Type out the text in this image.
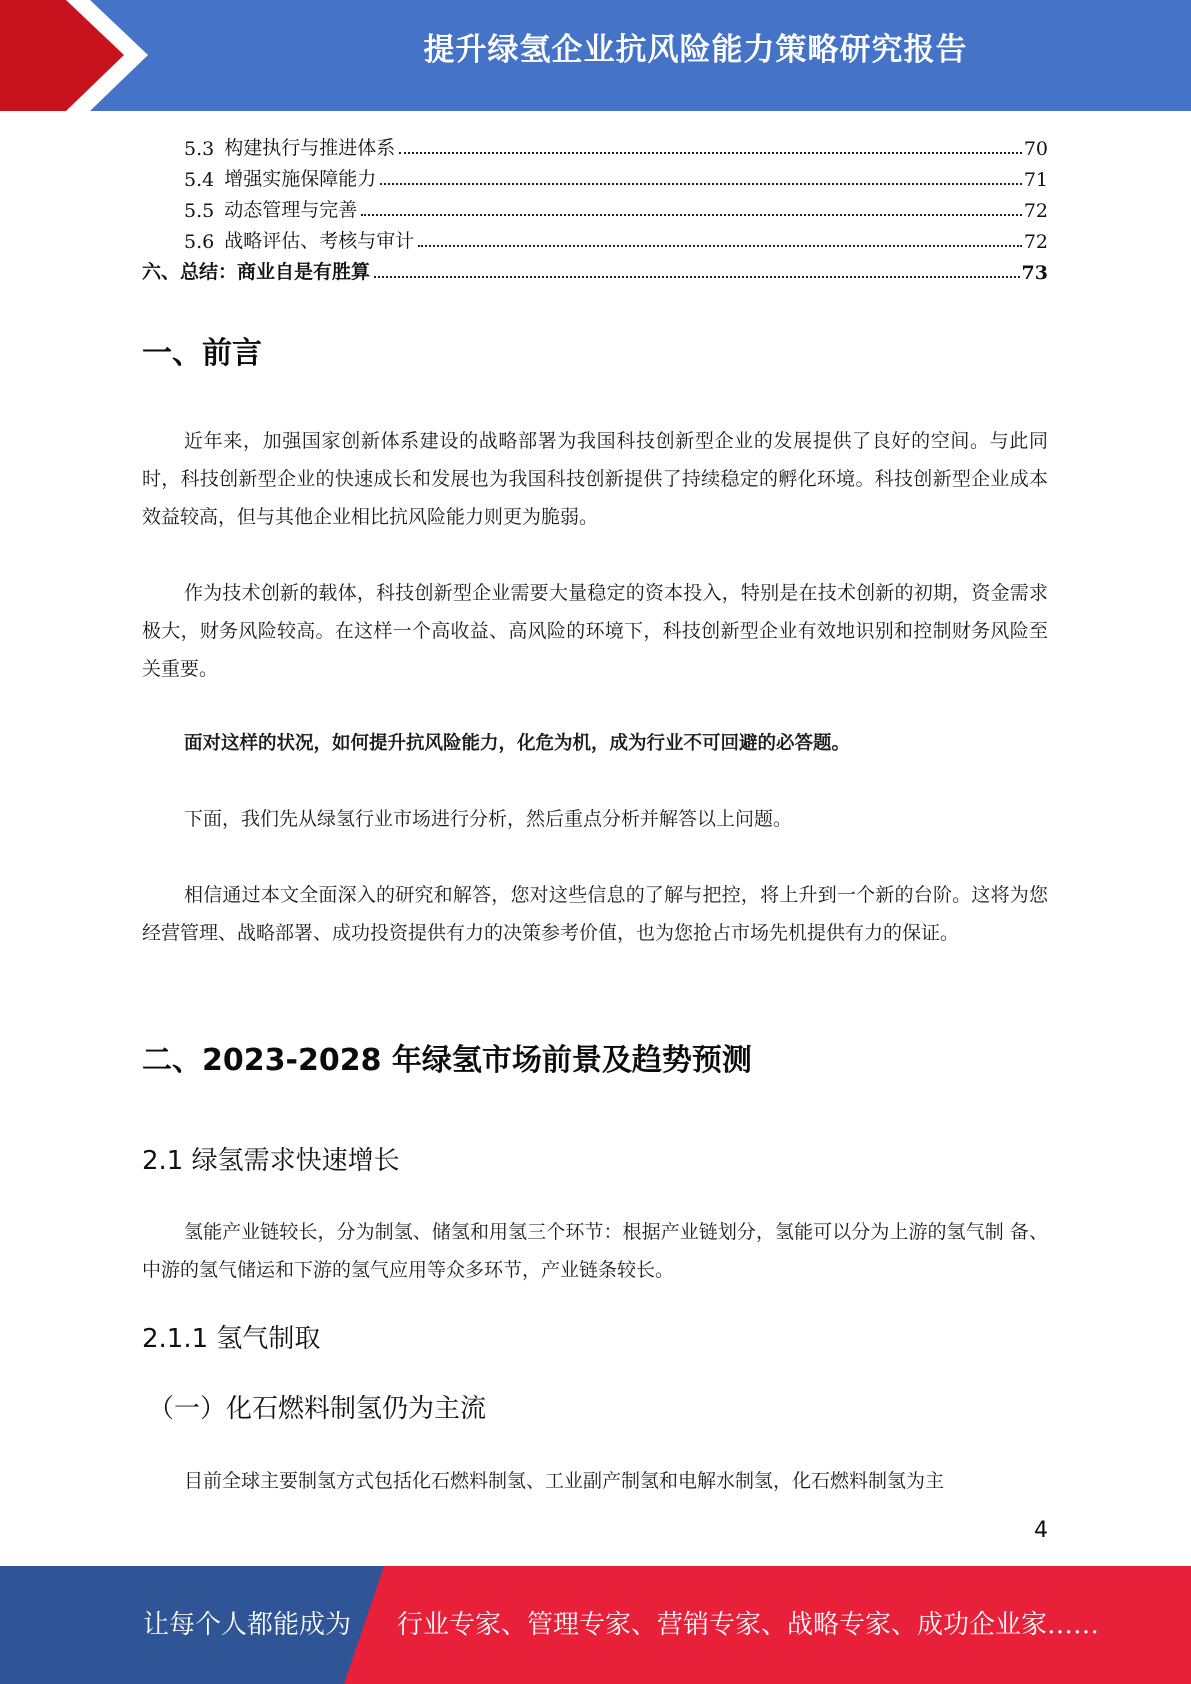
提升绿氢企业抗风险能力策略研究报告
5.3 构建执行与推进体系	70
5.4 增强实施保障能力	71
5.5 动态管理与完善	72
5.6 战略评估、考核与审计	72
六、总结：商业自是有胜算	73
一、前言
近年来，加强国家创新体系建设的战略部署为我国科技创新型企业的发展提供了良好的空间。与此同时，科技创新型企业的快速成长和发展也为我国科技创新提供了持续稳定的孵化环境。科技创新型企业成本效益较高，但与其他企业相比抗风险能力则更为脆弱。
作为技术创新的载体，科技创新型企业需要大量稳定的资本投入，特别是在技术创新的初期，资金需求极大，财务风险较高。在这样一个高收益、高风险的环境下，科技创新型企业有效地识别和控制财务风险至关重要。
面对这样的状况，如何提升抗风险能力，化危为机，成为行业不可回避的必答题。
下面，我们先从绿氢行业市场进行分析，然后重点分析并解答以上问题。
相信通过本文全面深入的研究和解答，您对这些信息的了解与把控，将上升到一个新的台阶。这将为您经营管理、战略部署、成功投资提供有力的决策参考价值，也为您抢占市场先机提供有力的保证。
二、2023-2028 年绿氢市场前景及趋势预测
2.1 绿氢需求快速增长
氢能产业链较长，分为制氢、储氢和用氢三个环节：根据产业链划分，氢能可以分为上游的氢气制 备、中游的氢气储运和下游的氢气应用等众多环节，产业链条较长。
2.1.1 氢气制取
（一）化石燃料制氢仍为主流
目前全球主要制氢方式包括化石燃料制氢、工业副产制氢和电解水制氢，化石燃料制氢为主
4
让每个人都能成为 行业专家、管理专家、营销专家、战略专家、成功企业家……
